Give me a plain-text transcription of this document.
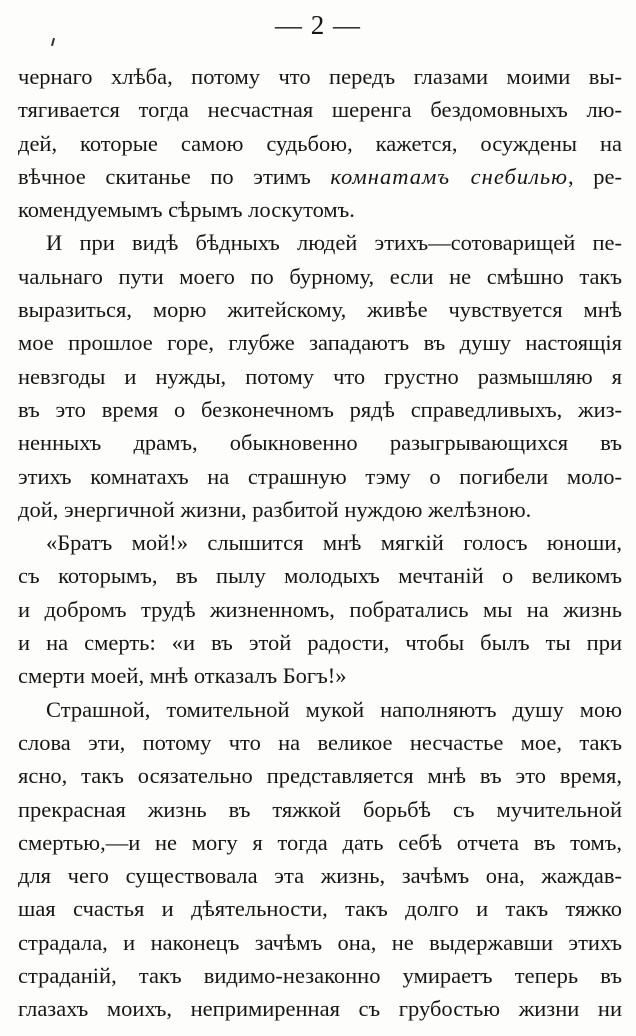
— 2 —
чернаго хлѣба, потому что передъ глазами моими вы-
тягивается тогда несчастная шеренга бездомовныхъ лю-
дей, которые самою судьбою, кажется, осуждены на
вѣчное скитанье по этимъ комнатамъ снебилью, ре-
комендуемымъ сѣрымъ лоскутомъ.
И при видѣ бѣдныхъ людей этихъ—сотоварищей пе-
чальнаго пути моего по бурному, если не смѣшно такъ
выразиться, морю житейскому, живѣе чувствуется мнѣ
мое прошлое горе, глубже западаютъ въ душу настоящія
невзгоды и нужды, потому что грустно размышляю я
въ это время о безконечномъ рядѣ справедливыхъ, жиз-
ненныхъ драмъ, обыкновенно разыгрывающихся въ
этихъ комнатахъ на страшную тэму о погибели моло-
дой, энергичной жизни, разбитой нуждою желѣзною.
«Братъ мой!» слышится мнѣ мягкій голосъ юноши,
съ которымъ, въ пылу молодыхъ мечтаній о великомъ
и добромъ трудѣ жизненномъ, побратались мы на жизнь
и на смерть: «и въ этой радости, чтобы былъ ты при
смерти моей, мнѣ отказалъ Богъ!»
Страшной, томительной мукой наполняютъ душу мою
слова эти, потому что на великое несчастье мое, такъ
ясно, такъ осязательно представляется мнѣ въ это время,
прекрасная жизнь въ тяжкой борьбѣ съ мучительной
смертью,—и не могу я тогда дать себѣ отчета въ томъ,
для чего существовала эта жизнь, зачѣмъ она, жаждав-
шая счастья и дѣятельности, такъ долго и такъ тяжко
страдала, и наконецъ зачѣмъ она, не выдержавши этихъ
страданій, такъ видимо-незаконно умираетъ теперь въ
глазахъ моихъ, непримиренная съ грубостью жизни ни
